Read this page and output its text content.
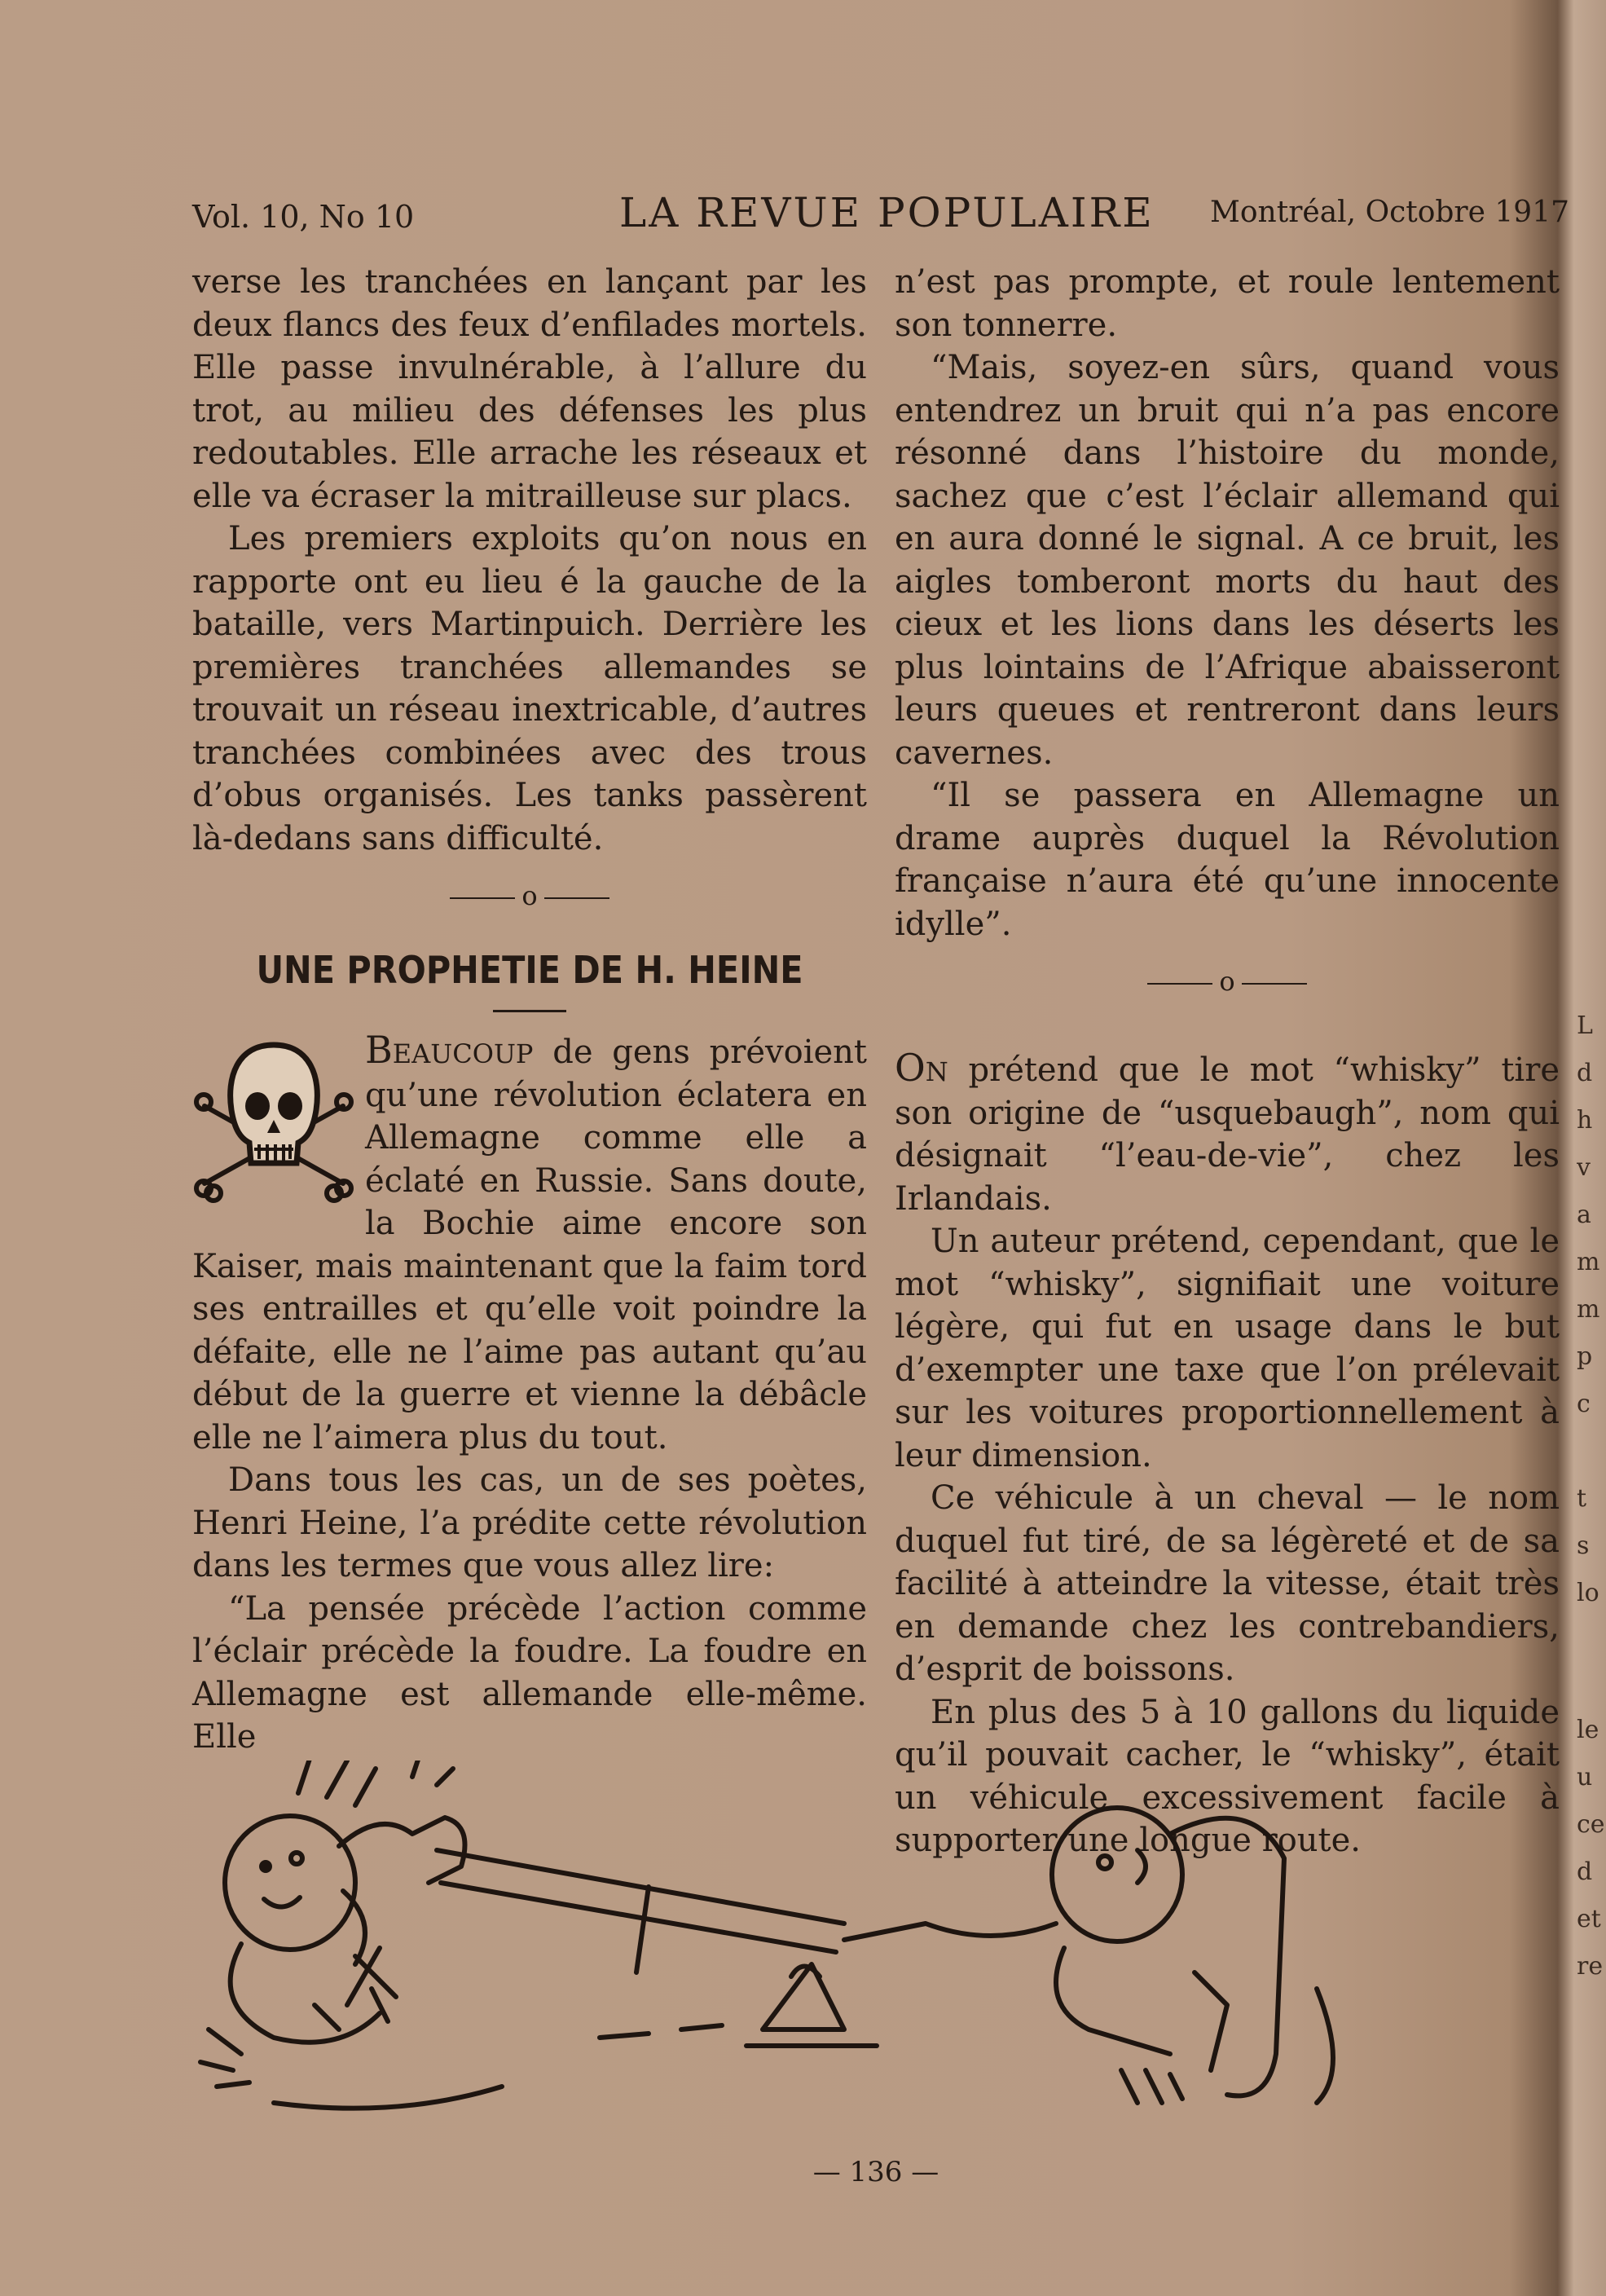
Vol. 10, No 10	LA REVUE POPULAIRE Montréal, Octobre 1917

verse les tranchées en lançant par les deux flancs des feux d’enfilades mortels. Elle passe invulnérable, à l’allure du trot, au milieu des défenses les plus redoutables. Elle arrache les réseaux et elle va écraser la mitrailleuse sur placs.

Les premiers exploits qu’on nous en rapporte ont eu lieu é la gauche de la bataille, vers Martinpuich. Derrière les premières tranchées allemandes se trouvait un réseau inextricable, d’autres tranchées combinées avec des trous d’obus organisés. Les tanks passèrent là-dedans sans difficulté.

o
UNE PROPHETIE DE H. HEINE

Beaucoup de gens prévoient qu’une révolution éclatera en Allemagne comme elle a éclaté en Russie. Sans doute, la Bochie aime encore son Kaiser, mais maintenant que la faim tord ses entrailles et qu’elle voit poindre la défaite, elle ne l’aime pas autant qu’au début de la guerre et vienne la débâcle elle ne l’aimera plus du tout.

Dans tous les cas, un de ses poètes, Henri Heine, l’a prédite cette révolution dans les termes que vous allez lire:

“La pensée précède l’action comme l’éclair précède la foudre. La foudre en Allemagne est allemande elle-même. Elle

n’est pas prompte, et roule lentement son tonnerre.

“Mais, soyez-en sûrs, quand vous entendrez un bruit qui n’a pas encore résonné dans l’histoire du monde, sachez que c’est l’éclair allemand qui en aura donné le signal. A ce bruit, les aigles tomberont morts du haut des cieux et les lions dans les déserts les plus lointains de l’Afrique abaisseront leurs queues et rentreront dans leurs cavernes.

“Il se passera en Allemagne un drame auprès duquel la Révolution française n’aura été qu’une innocente idylle”.

o

On prétend que le mot “whisky” tire son origine de “usquebaugh”, nom qui désignait “l’eau-de-vie”, chez les Irlandais.

Un auteur prétend, cependant, que le mot “whisky”, signifiait une voiture légère, qui fut en usage dans le but d’exempter une taxe que l’on prélevait sur les voitures proportionnellement à leur dimension.

Ce véhicule à un cheval — le nom duquel fut tiré, de sa légèreté et de sa facilité à atteindre la vitesse, était très en demande chez les contrebandiers, d’esprit de boissons.

En plus des 5 à 10 gallons du liquide qu’il pouvait cacher, le “whisky”, était un véhicule excessivement facile à supporter une longue route.

— 136 —
L
d
h
v
a
m
m
p
c
t
s
lo
le
u
ce
d
et
re
